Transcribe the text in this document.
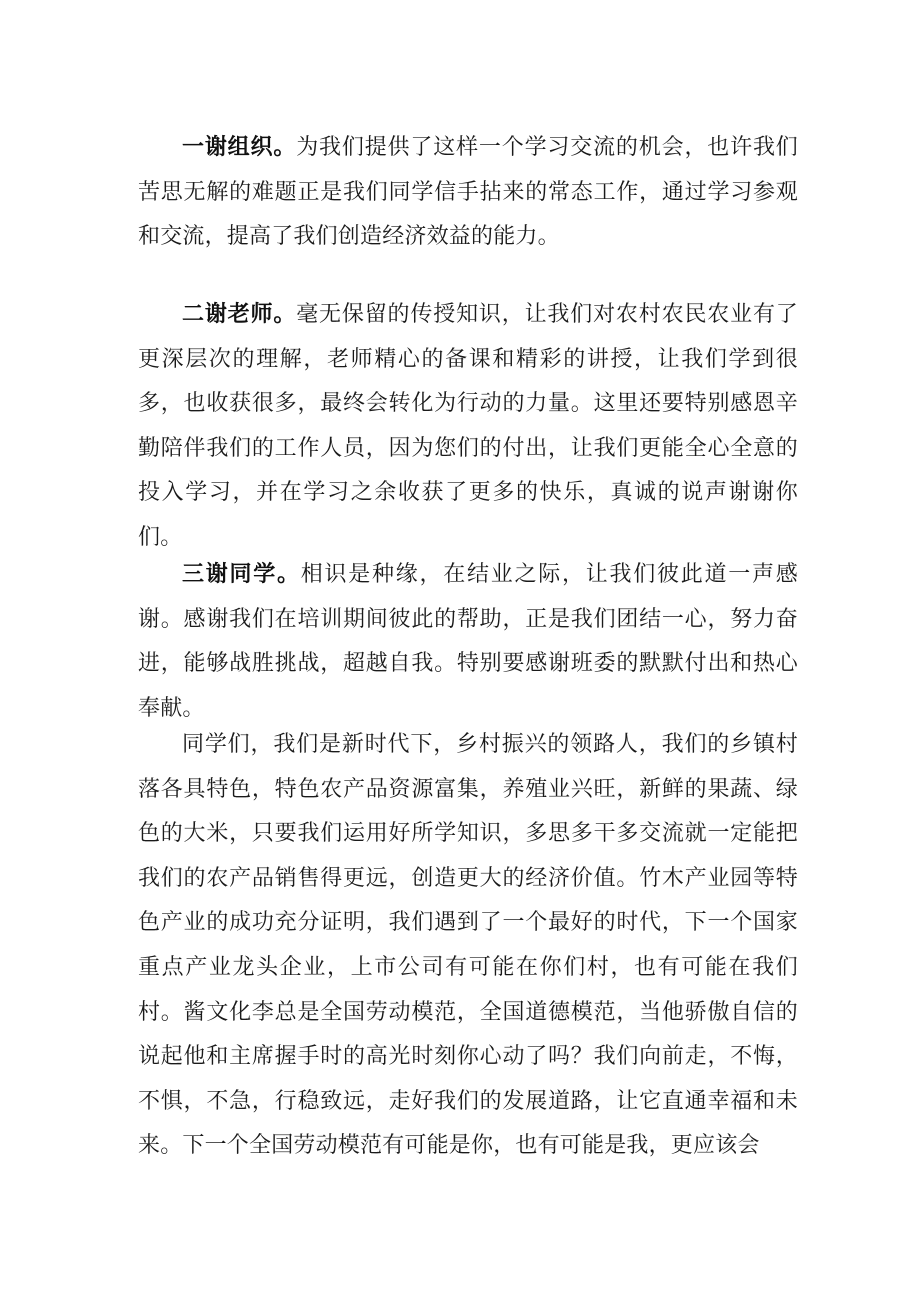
一谢组织。为我们提供了这样一个学习交流的机会，也许我们苦思无解的难题正是我们同学信手拈来的常态工作，通过学习参观和交流，提高了我们创造经济效益的能力。

二谢老师。毫无保留的传授知识，让我们对农村农民农业有了更深层次的理解，老师精心的备课和精彩的讲授，让我们学到很多，也收获很多，最终会转化为行动的力量。这里还要特别感恩辛勤陪伴我们的工作人员，因为您们的付出，让我们更能全心全意的投入学习，并在学习之余收获了更多的快乐，真诚的说声谢谢你们。

三谢同学。相识是种缘，在结业之际，让我们彼此道一声感谢。感谢我们在培训期间彼此的帮助，正是我们团结一心，努力奋进，能够战胜挑战，超越自我。特别要感谢班委的默默付出和热心奉献。

同学们，我们是新时代下，乡村振兴的领路人，我们的乡镇村落各具特色，特色农产品资源富集，养殖业兴旺，新鲜的果蔬、绿色的大米，只要我们运用好所学知识，多思多干多交流就一定能把我们的农产品销售得更远，创造更大的经济价值。竹木产业园等特色产业的成功充分证明，我们遇到了一个最好的时代，下一个国家重点产业龙头企业，上市公司有可能在你们村，也有可能在我们村。酱文化李总是全国劳动模范，全国道德模范，当他骄傲自信的说起他和主席握手时的高光时刻你心动了吗？我们向前走，不悔，不惧，不急，行稳致远，走好我们的发展道路，让它直通幸福和未来。下一个全国劳动模范有可能是你，也有可能是我，更应该会
